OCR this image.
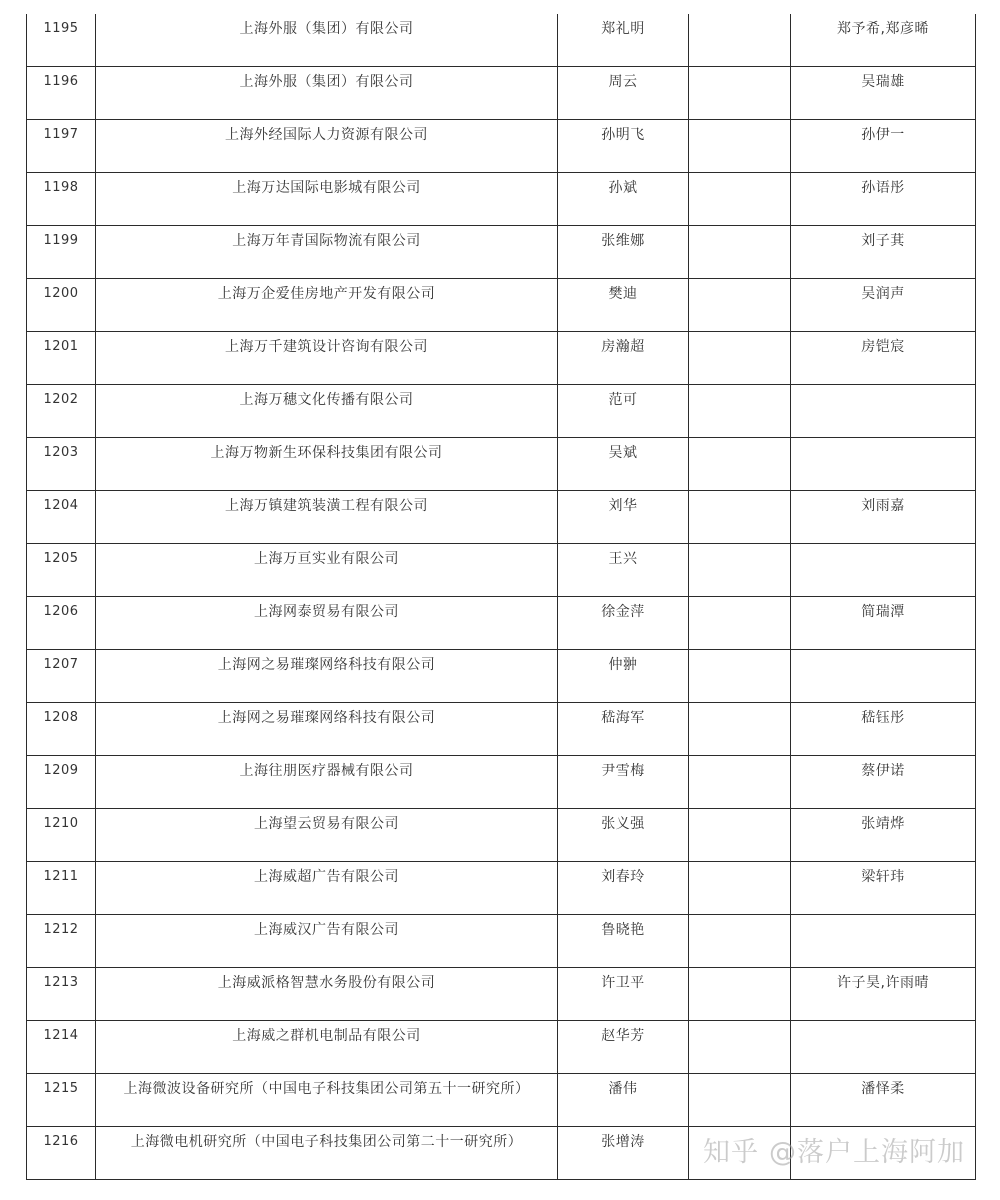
1195	上海外服（集团）有限公司	郑礼明		郑予希,郑彦晞

1196	上海外服（集团）有限公司	周云		吴瑞雄

1197	上海外经国际人力资源有限公司	孙明飞		孙伊一

1198	上海万达国际电影城有限公司	孙斌		孙语彤

1199	上海万年青国际物流有限公司	张维娜		刘子萁

1200	上海万企爱佳房地产开发有限公司	樊迪		吴润声

1201	上海万千建筑设计咨询有限公司	房瀚超		房铠宸

1202	上海万穗文化传播有限公司	范可		

1203	上海万物新生环保科技集团有限公司	吴斌		

1204	上海万镇建筑装潢工程有限公司	刘华		刘雨嘉

1205	上海万亘实业有限公司	王兴		

1206	上海网泰贸易有限公司	徐金萍		简瑞潭

1207	上海网之易璀璨网络科技有限公司	仲翀		

1208	上海网之易璀璨网络科技有限公司	嵇海军		嵇钰彤

1209	上海往朋医疗器械有限公司	尹雪梅		蔡伊诺

1210	上海望云贸易有限公司	张义强		张靖烨

1211	上海威超广告有限公司	刘春玲		梁轩玮

1212	上海威汉广告有限公司	鲁晓艳		

1213	上海威派格智慧水务股份有限公司	许卫平		许子昊,许雨晴

1214	上海威之群机电制品有限公司	赵华芳		

1215	上海微波设备研究所（中国电子科技集团公司第五十一研究所）	潘伟		潘怿柔

1216	上海微电机研究所（中国电子科技集团公司第二十一研究所）	张增涛		

		知乎 @落户上海阿加
